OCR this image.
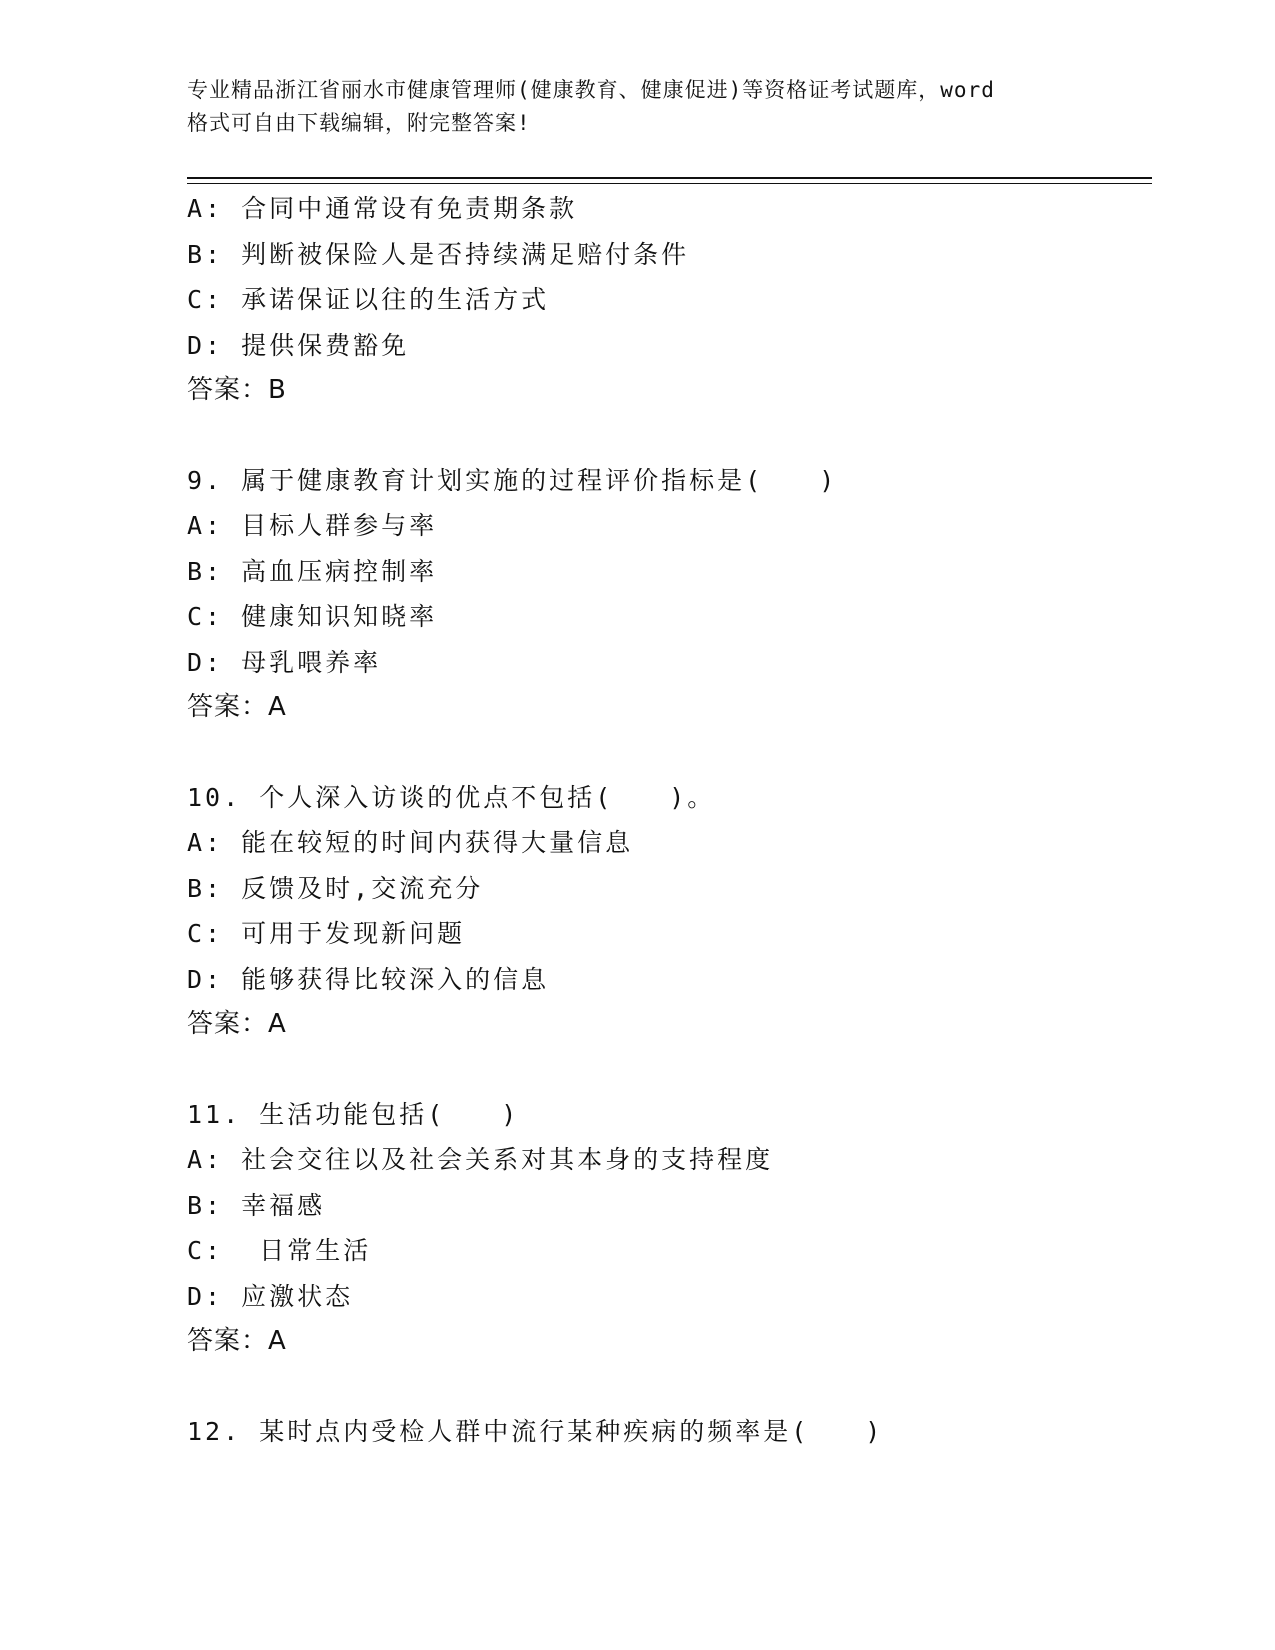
专业精品浙江省丽水市健康管理师(健康教育、健康促进)等资格证考试题库，word
格式可自由下载编辑，附完整答案!
A: 合同中通常设有免责期条款
B: 判断被保险人是否持续满足赔付条件
C: 承诺保证以往的生活方式
D: 提供保费豁免
答案：B
9. 属于健康教育计划实施的过程评价指标是(　　)
A: 目标人群参与率
B: 高血压病控制率
C: 健康知识知晓率
D: 母乳喂养率
答案：A
10. 个人深入访谈的优点不包括(　　)。
A: 能在较短的时间内获得大量信息
B: 反馈及时,交流充分
C: 可用于发现新问题
D: 能够获得比较深入的信息
答案：A
11. 生活功能包括(　　)
A: 社会交往以及社会关系对其本身的支持程度
B: 幸福感
C:  日常生活
D: 应激状态
答案：A
12. 某时点内受检人群中流行某种疾病的频率是(　　)
